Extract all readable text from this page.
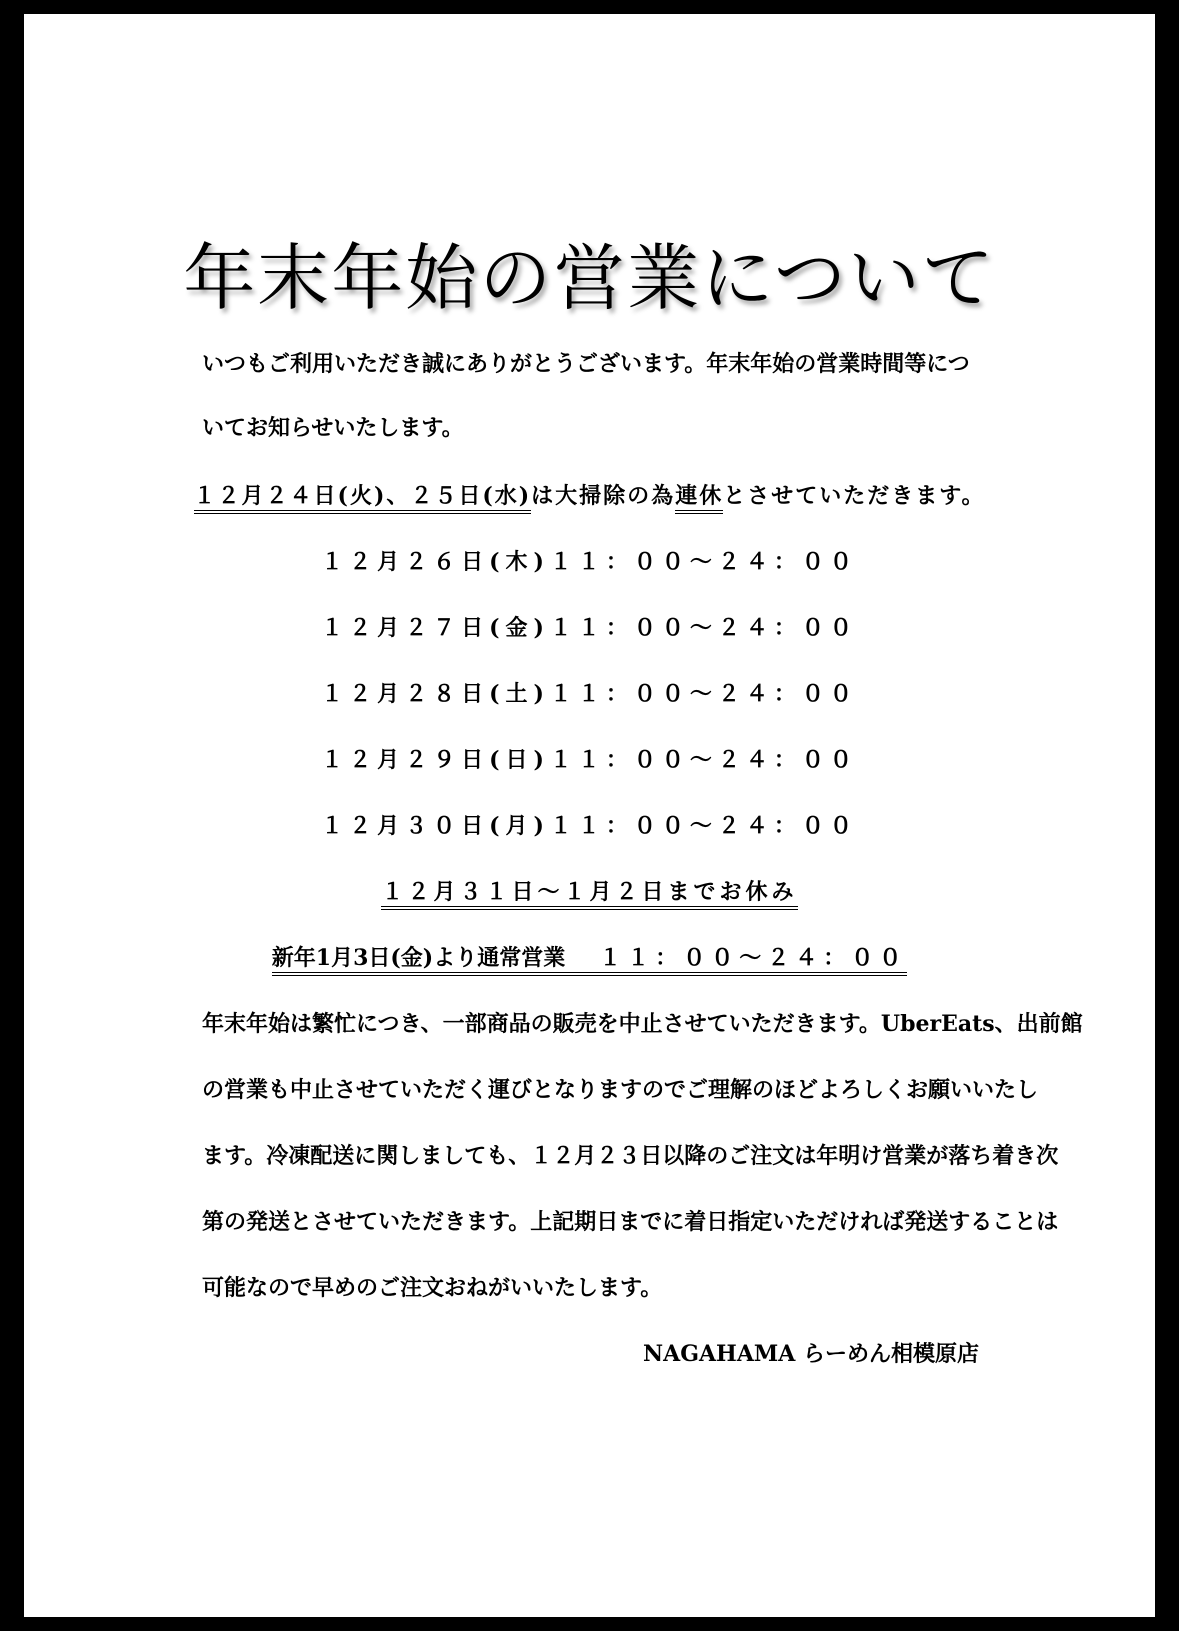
年末年始の営業について
いつもご利用いただき誠にありがとうございます。年末年始の営業時間等につ
いてお知らせいたします。
１２月２４日(火)、２５日(水)は大掃除の為連休とさせていただきます。
１２月２６日(木)１１：００〜２４：００
１２月２７日(金)１１：００〜２４：００
１２月２８日(土)１１：００〜２４：００
１２月２９日(日)１１：００〜２４：００
１２月３０日(月)１１：００〜２４：００
１２月３１日〜１月２日までお休み
新年1月3日(金)より通常営業 １１：００〜２４：００
年末年始は繁忙につき、一部商品の販売を中止させていただきます。UberEats、出前館
の営業も中止させていただく運びとなりますのでご理解のほどよろしくお願いいたし
ます。冷凍配送に関しましても、１２月２３日以降のご注文は年明け営業が落ち着き次
第の発送とさせていただきます。上記期日までに着日指定いただければ発送することは
可能なので早めのご注文おねがいいたします。
NAGAHAMA らーめん相模原店
